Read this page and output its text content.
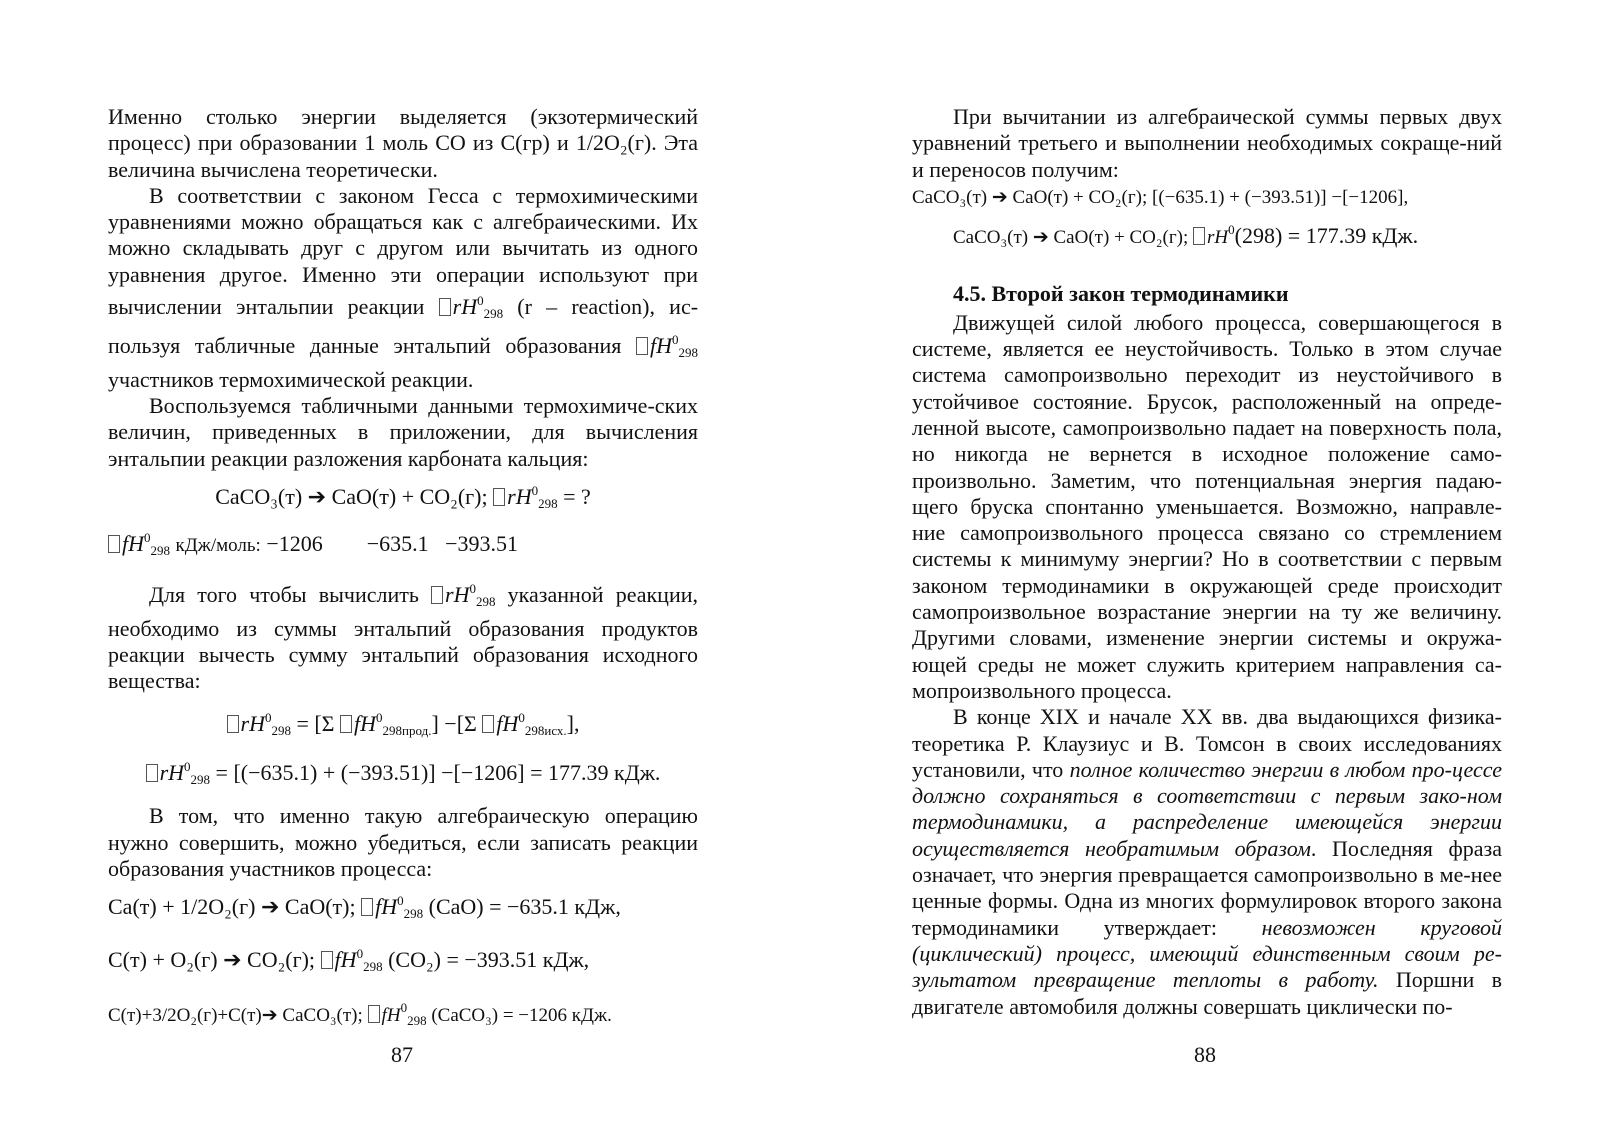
Именно столько энергии выделяется (экзотермический процесс) при образовании 1 моль СО из С(гр) и 1/2О₂(г). Эта величина вычислена теоретически.

В соответствии с законом Гесса с термохимическими уравнениями можно обращаться как с алгебраическими. Их можно складывать друг с другом или вычитать из одного уравнения другое. Именно эти операции используют при вычислении энтальпии реакции $rH^0298$ (r – reaction), ис-пользуя табличные данные энтальпий образования $fH^0298$ участников термохимической реакции.

Воспользуемся табличными данными термохимиче-ских величин, приведенных в приложении, для вычисления энтальпии реакции разложения карбоната кальция:

CaCO₃(т) ➔ CaO(т) + CO₂(г); $rH^0298$ = ?
$fH^0298$ кДж/моль: −1206        −635.1   −393.51

Для того чтобы вычислить $rH^0298$ указанной реакции, необходимо из суммы энтальпий образования продуктов реакции вычесть сумму энтальпий образования исходного вещества:

$rH^0298 = [\Sigma$ $fH^0298прод.] -[\Sigma$ $fH^0298исх$.],
$rH^0298 = [(-635.1) + (-393.51)] -[-1206] = 177.39$ кДж.

В том, что именно такую алгебраическую операцию нужно совершить, можно убедиться, если записать реакции образования участников процесса:

Ca(т) + 1/2O₂(г) ➔ CaO(т); $fH^0298$ (CaO) = −635.1 кДж,
C(т) + O₂(г) ➔ CO₂(г); $fH^0298$ (CO₂) = −393.51 кДж,
C(т)+3/2O₂(г)+C(т)➔ CaCO₃(т); $fH^0_{298}$ (CaCO₃) = −1206 кДж.

При вычитании из алгебраической суммы первых двух уравнений третьего и выполнении необходимых сокраще-ний и переносов получим:

CaCO₃(т) ➔ CaO(т) + CO₂(г); [(−635.1) + (−393.51)] −[−1206],
CaCO₃(т) ➔ CaO(т) + CO₂(г); $rH^0(298) = 177.39$ кДж.

4.5. Второй закон термодинамики

Движущей силой любого процесса, совершающегося в системе, является ее неустойчивость. Только в этом случае система самопроизвольно переходит из неустойчивого в устойчивое состояние. Брусок, расположенный на опреде-ленной высоте, самопроизвольно падает на поверхность пола, но никогда не вернется в исходное положение само-произвольно. Заметим, что потенциальная энергия падаю-щего бруска спонтанно уменьшается. Возможно, направле-ние самопроизвольного процесса связано со стремлением системы к минимуму энергии? Но в соответствии с первым законом термодинамики в окружающей среде происходит самопроизвольное возрастание энергии на ту же величину. Другими словами, изменение энергии системы и окружа-ющей среды не может служить критерием направления са-мопроизвольного процесса.

В конце XIX и начале XX вв. два выдающихся физика-теоретика Р. Клаузиус и В. Томсон в своих исследованиях установили, что полное количество энергии в любом про-цессе должно сохраняться в соответствии с первым зако-ном термодинамики, а распределение имеющейся энергии осуществляется необратимым образом. Последняя фраза означает, что энергия превращается самопроизвольно в ме-нее ценные формы. Одна из многих формулировок второго закона термодинамики утверждает: невозможен круговой (циклический) процесс, имеющий единственным своим ре-зультатом превращение теплоты в работу. Поршни в двигателе автомобиля должны совершать циклически по-

87	88
